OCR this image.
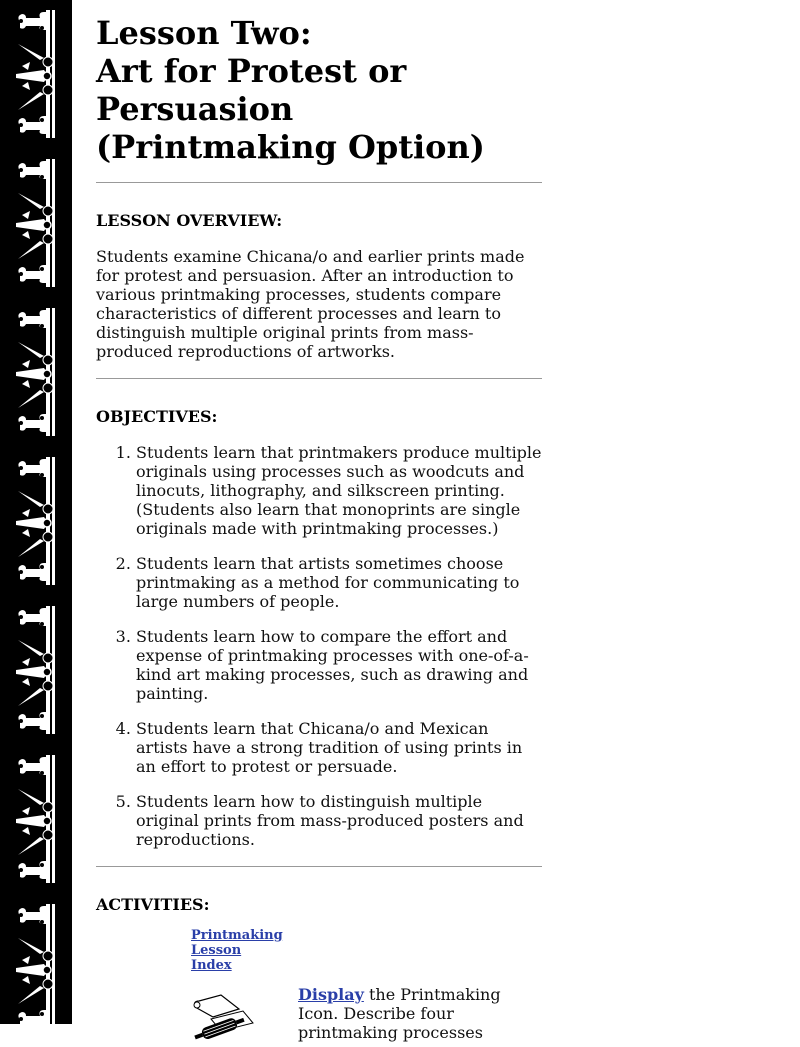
Lesson Two:
Art for Protest or
Persuasion
(Printmaking Option)
LESSON OVERVIEW:

Students examine Chicana/o and earlier prints made for protest and persuasion. After an introduction to various printmaking processes, students compare characteristics of different processes and learn to distinguish multiple original prints from mass-produced reproductions of artworks.

OBJECTIVES:
1. Students learn that printmakers produce multiple originals using processes such as woodcuts and linocuts, lithography, and silkscreen printing. (Students also learn that monoprints are single originals made with printmaking processes.)
2. Students learn that artists sometimes choose printmaking as a method for communicating to large numbers of people.
3. Students learn how to compare the effort and expense of printmaking processes with one-of-a-kind art making processes, such as drawing and painting.
4. Students learn that Chicana/o and Mexican artists have a strong tradition of using prints in an effort to protest or persuade.
5. Students learn how to distinguish multiple original prints from mass-produced posters and reproductions.
ACTIVITIES:
Printmaking
Lesson
Index
Display the Printmaking Icon. Describe four printmaking processes
